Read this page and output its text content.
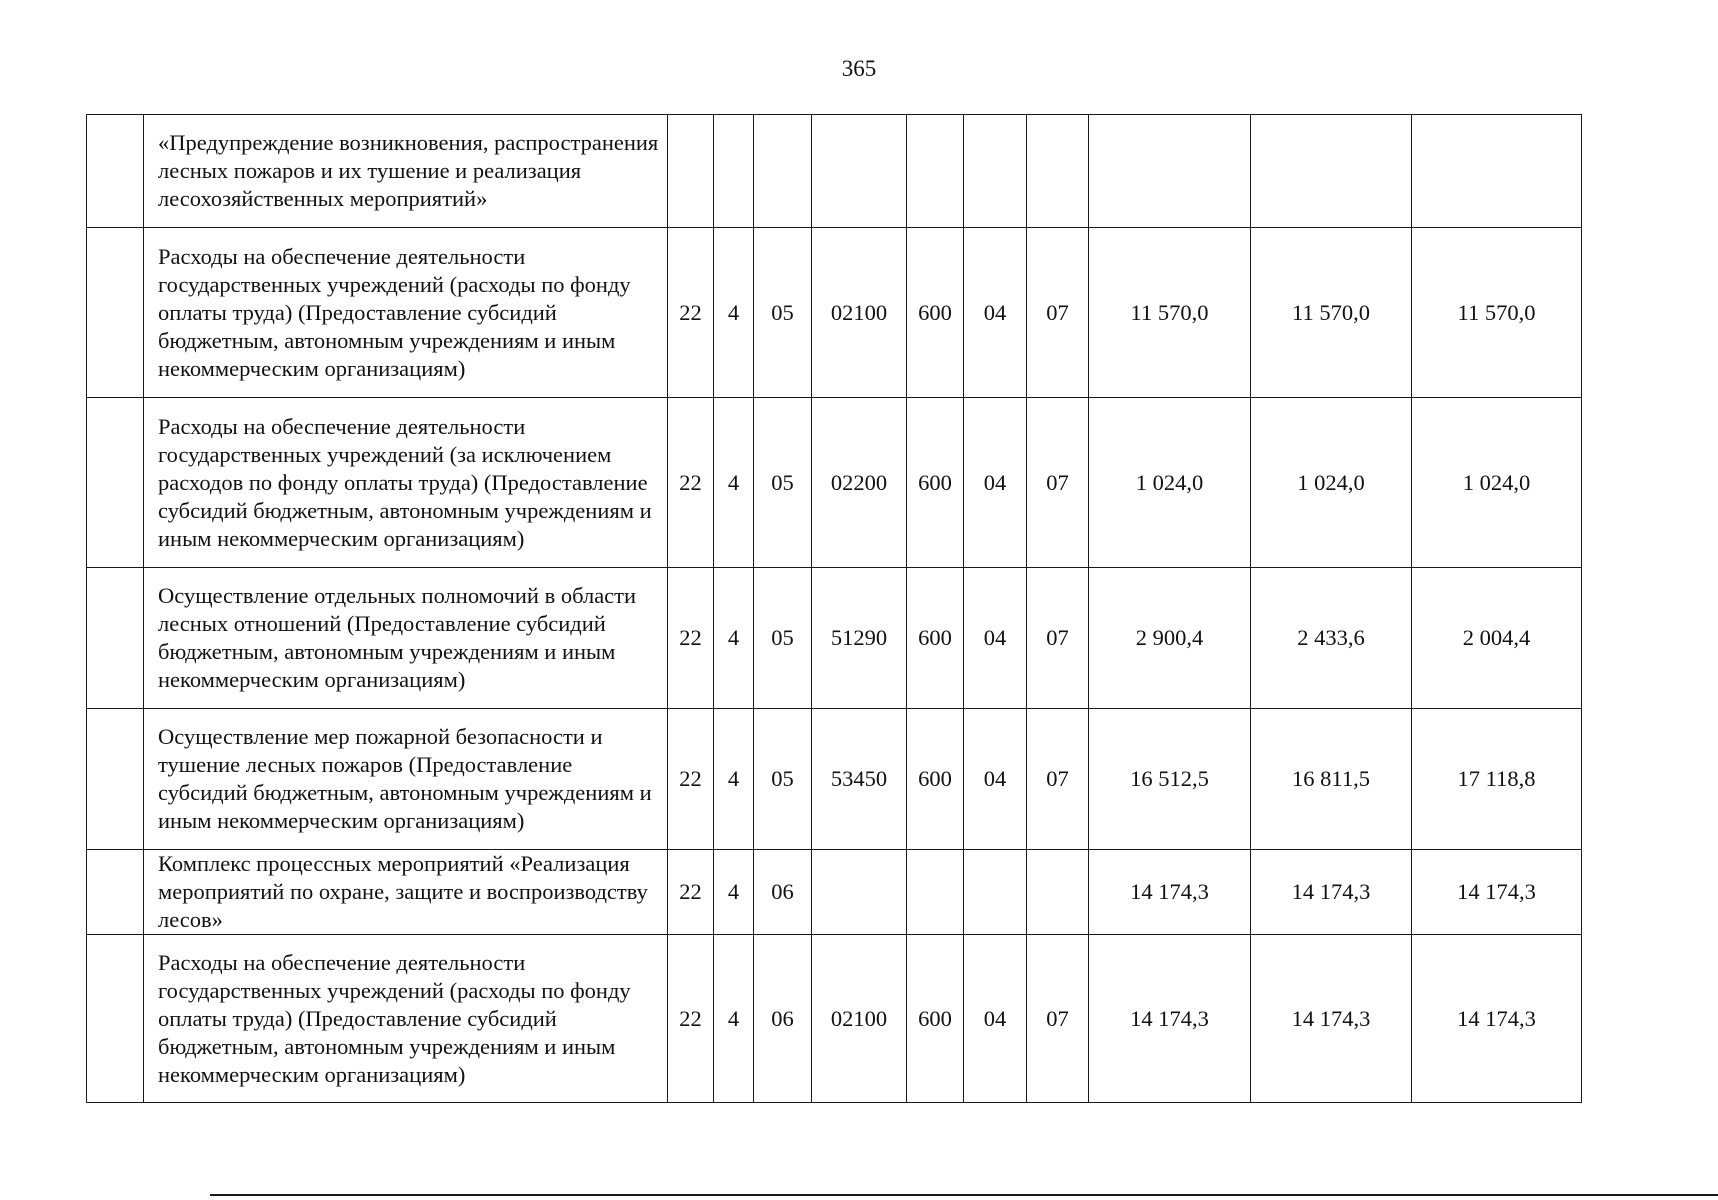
365
	«Предупреждение возникновения, распространения лесных пожаров и их тушение и реализация лесохозяйственных мероприятий»										
	Расходы на обеспечение деятельности государственных учреждений (расходы по фонду оплаты труда) (Предоставление субсидий бюджетным, автономным учреждениям и иным некоммерческим организациям)	22	4	05	02100	600	04	07	11 570,0	11 570,0	11 570,0
	Расходы на обеспечение деятельности государственных учреждений (за исключением расходов по фонду оплаты труда) (Предоставление субсидий бюджетным, автономным учреждениям и иным некоммерческим организациям)	22	4	05	02200	600	04	07	1 024,0	1 024,0	1 024,0
	Осуществление отдельных полномочий в области лесных отношений (Предоставление субсидий бюджетным, автономным учреждениям и иным некоммерческим организациям)	22	4	05	51290	600	04	07	2 900,4	2 433,6	2 004,4
	Осуществление мер пожарной безопасности и тушение лесных пожаров (Предоставление субсидий бюджетным, автономным учреждениям и иным некоммерческим организациям)	22	4	05	53450	600	04	07	16 512,5	16 811,5	17 118,8
	Комплекс процессных мероприятий «Реализация мероприятий по охране, защите и воспроизводству лесов»	22	4	06					14 174,3	14 174,3	14 174,3
	Расходы на обеспечение деятельности государственных учреждений (расходы по фонду оплаты труда) (Предоставление субсидий бюджетным, автономным учреждениям и иным некоммерческим организациям)	22	4	06	02100	600	04	07	14 174,3	14 174,3	14 174,3
